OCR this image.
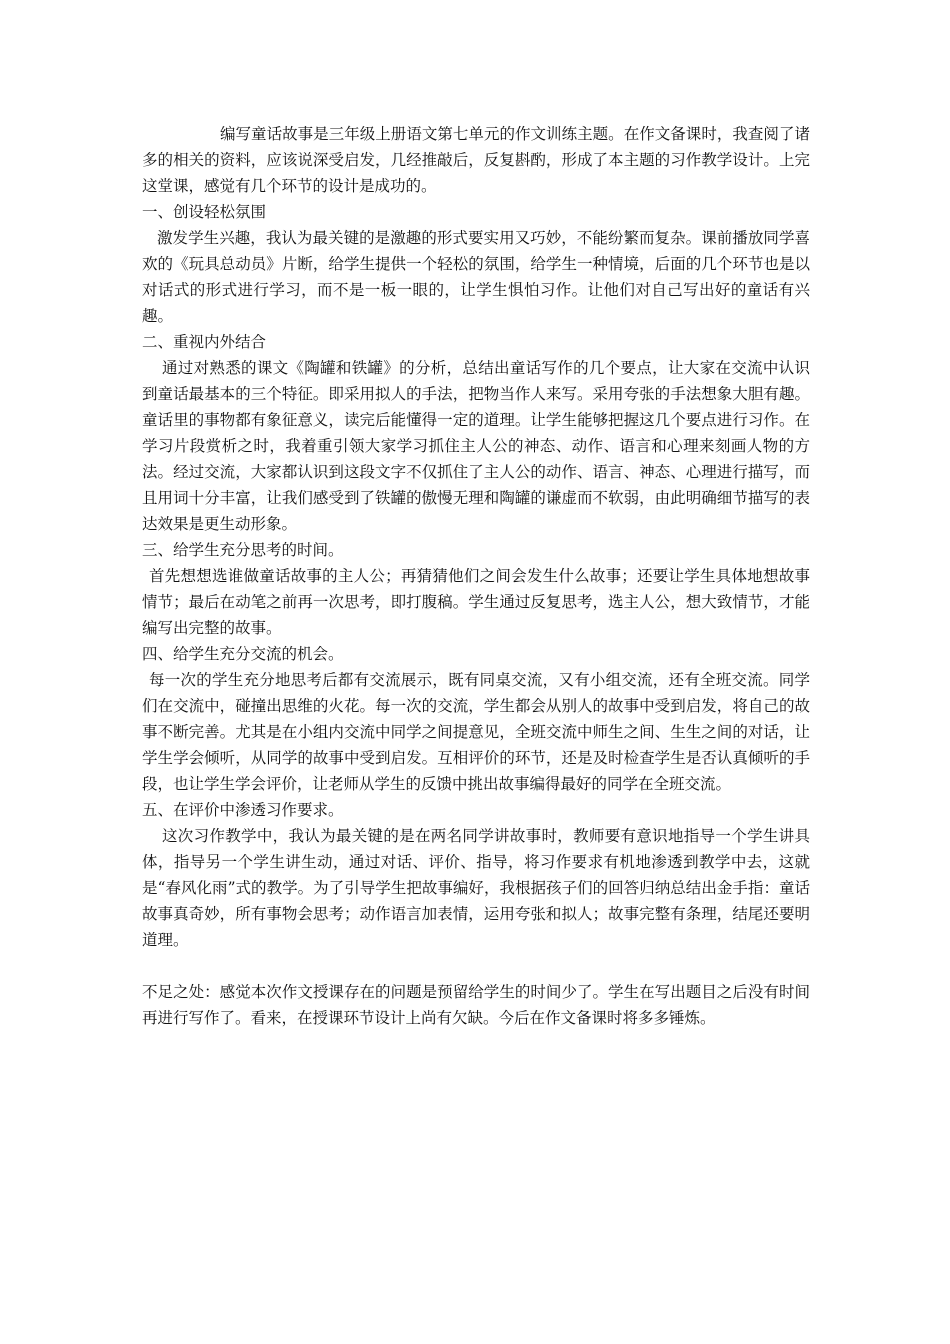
编写童话故事是三年级上册语文第七单元的作文训练主题。在作文备课时，我查阅了诸多的相关的资料，应该说深受启发，几经推敲后，反复斟酌，形成了本主题的习作教学设计。上完这堂课，感觉有几个环节的设计是成功的。

一、创设轻松氛围

激发学生兴趣，我认为最关键的是激趣的形式要实用又巧妙，不能纷繁而复杂。课前播放同学喜欢的《玩具总动员》片断，给学生提供一个轻松的氛围，给学生一种情境，后面的几个环节也是以对话式的形式进行学习，而不是一板一眼的，让学生惧怕习作。让他们对自己写出好的童话有兴趣。

二、重视内外结合

通过对熟悉的课文《陶罐和铁罐》的分析，总结出童话写作的几个要点，让大家在交流中认识到童话最基本的三个特征。即采用拟人的手法，把物当作人来写。采用夸张的手法想象大胆有趣。童话里的事物都有象征意义，读完后能懂得一定的道理。让学生能够把握这几个要点进行习作。在学习片段赏析之时，我着重引领大家学习抓住主人公的神态、动作、语言和心理来刻画人物的方法。经过交流，大家都认识到这段文字不仅抓住了主人公的动作、语言、神态、心理进行描写，而且用词十分丰富，让我们感受到了铁罐的傲慢无理和陶罐的谦虚而不软弱，由此明确细节描写的表达效果是更生动形象。

三、给学生充分思考的时间。

首先想想选谁做童话故事的主人公；再猜猜他们之间会发生什么故事；还要让学生具体地想故事情节；最后在动笔之前再一次思考，即打腹稿。学生通过反复思考，选主人公，想大致情节，才能编写出完整的故事。

四、给学生充分交流的机会。

每一次的学生充分地思考后都有交流展示，既有同桌交流，又有小组交流，还有全班交流。同学们在交流中，碰撞出思维的火花。每一次的交流，学生都会从别人的故事中受到启发，将自己的故事不断完善。尤其是在小组内交流中同学之间提意见，全班交流中师生之间、生生之间的对话，让学生学会倾听，从同学的故事中受到启发。互相评价的环节，还是及时检查学生是否认真倾听的手段，也让学生学会评价，让老师从学生的反馈中挑出故事编得最好的同学在全班交流。

五、在评价中渗透习作要求。

这次习作教学中，我认为最关键的是在两名同学讲故事时，教师要有意识地指导一个学生讲具体，指导另一个学生讲生动，通过对话、评价、指导，将习作要求有机地渗透到教学中去，这就是“春风化雨”式的教学。为了引导学生把故事编好，我根据孩子们的回答归纳总结出金手指：童话故事真奇妙，所有事物会思考；动作语言加表情，运用夸张和拟人；故事完整有条理，结尾还要明道理。

不足之处：感觉本次作文授课存在的问题是预留给学生的时间少了。学生在写出题目之后没有时间再进行写作了。看来，在授课环节设计上尚有欠缺。今后在作文备课时将多多锤炼。
